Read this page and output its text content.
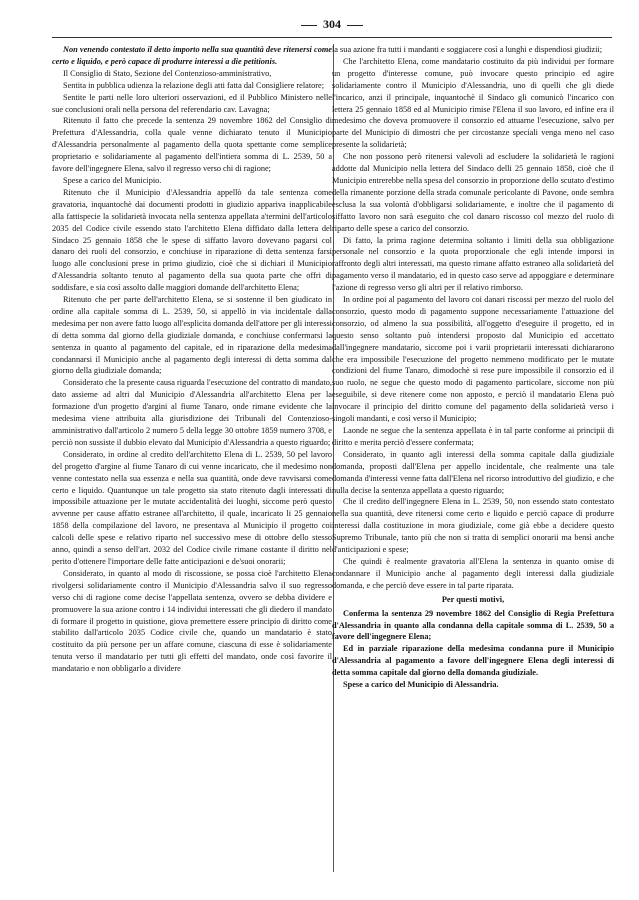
304

Non venendo contestato il detto importo nella sua quantità deve ritenersi come certo e liquido, e però capace di produrre interessi a die petitionis.

Il Consiglio di Stato, Sezione del Contenzioso-amministrativo,

Sentita in pubblica udienza la relazione degli atti fatta dal Consigliere relatore;

Sentite le parti nelle loro ulteriori osservazioni, ed il Pubblico Ministero nelle sue conclusioni orali nella persona del referendario cav. Lavagna;

Ritenuto il fatto che precede la sentenza 29 novembre 1862 del Consiglio di Prefettura d'Alessandria, colla quale venne dichiarato tenuto il Municipio d'Alessandria personalmente al pagamento della quota spettante come semplice proprietario e solidariamente al pagamento dell'intiera somma di L. 2539, 50 a favore dell'ingegnere Elena, salvo il regresso verso chi di ragione;

Spese a carico del Municipio.

Ritenuto che il Municipio d'Alessandria appellò da tale sentenza come gravatoria, inquantochè dai documenti prodotti in giudizio appariva inapplicabile alla fattispecie la solidarietà invocata nella sentenza appellata a'termini dell'articolo 2035 del Codice civile essendo stato l'architetto Elena diffidato dalla lettera del Sindaco 25 gennaio 1858 che le spese di siffatto lavoro dovevano pagarsi col danaro dei ruoli del consorzio, e conchiuse in riparazione di detta sentenza farsi luogo alle conclusioni prese in primo giudizio, cioè che si dichiari il Municipio d'Alessandria soltanto tenuto al pagamento della sua quota parte che offri di soddisfare, e sia così assolto dalle maggiori domande dell'architetto Elena;

Ritenuto che per parte dell'architetto Elena, se si sostenne il ben giudicato in ordine alla capitale somma di L. 2539, 50, si appellò in via incidentale dalla medesima per non avere fatto luogo all'esplicita domanda dell'attore per gli interessi di detta somma dal giorno della giudiziale domanda, e conchiuse confermarsi la sentenza in quanto al pagamento del capitale, ed in riparazione della medesima condannarsi il Municipio anche al pagamento degli interessi di detta somma dal giorno della giudiziale domanda;

Considerato che la presente causa riguarda l'esecuzione del contratto di mandato, dato assieme ad altri dal Municipio d'Alessandria all'architetto Elena per la formazione d'un progetto d'argini al fiume Tanaro, onde rimane evidente che la medesima viene attribuita alla giurisdizione dei Tribunali del Contenzioso-amministrativo dall'articolo 2 numero 5 della legge 30 ottobre 1859 numero 3708, e perciò non sussiste il dubbio elevato dal Municipio d'Alessandria a questo riguardo;

Considerato, in ordine al credito dell'architetto Elena di L. 2539, 50 pel lavoro del progetto d'argine al fiume Tanaro di cui venne incaricato, che il medesimo non venne contestato nella sua essenza e nella sua quantità, onde deve ravvisarsi come certo e liquido. Quantunque un tale progetto sia stato ritenuto dagli interessati di impossibile attuazione per le mutate accidentalità dei luoghi, siccome però questo avvenne per cause affatto estranee all'architetto, il quale, incaricato li 25 gennaio 1858 della compilazione del lavoro, ne presentava al Municipio il progetto coi calcoli delle spese e relativo riparto nel successivo mese di ottobre dello stesso anno, quindi a senso dell'art. 2032 del Codice civile rimane costante il diritto nel perito d'ottenere l'importare delle fatte anticipazioni e de'suoi onorarii;

Considerato, in quanto al modo di riscossione, se possa cioè l'architetto Elena rivolgersi solidariamente contro il Municipio d'Alessandria salvo il suo regresso verso chi di ragione come decise l'appellata sentenza, ovvero se debba dividere e promuovere la sua azione contro i 14 individui interessati che gli diedero il mandato di formare il progetto in quistione, giova premettere essere principio di diritto come stabilito dall'articolo 2035 Codice civile che, quando un mandatario è stato costituito da più persone per un affare comune, ciascuna di esse è solidariamente tenuta verso il mandatario per tutti gli effetti del mandato, onde così favorire il mandatario e non obbligarlo a dividere

la sua azione fra tutti i mandanti e soggiacere così a lunghi e dispendiosi giudizii;

Che l'architetto Elena, come mandatario costituito da più individui per formare un progetto d'interesse comune, può invocare questo principio ed agire solidariamente contro il Municipio d'Alessandria, uno di quelli che gli diede l'incarico, anzi il principale, inquantochè il Sindaco gli comunicò l'incarico con lettera 25 gennaio 1858 ed al Municipio rimise l'Elena il suo lavoro, ed infine era il medesimo che doveva promuovere il consorzio ed attuarne l'esecuzione, salvo per parte del Municipio di dimostri che per circostanze speciali venga meno nel caso presente la solidarietà;

Che non possono però ritenersi valevoli ad escludere la solidarietà le ragioni addotte dal Municipio nella lettera del Sindaco delli 25 gennaio 1858, cioè che il Municipio entrerebbe nella spesa del consorzio in proporzione dello scutato d'estimo della rimanente porzione della strada comunale pericolante di Pavone, onde sembra esclusa la sua volontà d'obbligarsi solidariamente, e inoltre che il pagamento di siffatto lavoro non sarà eseguito che col danaro riscosso col mezzo del ruolo di riparto delle spese a carico del consorzio.

Di fatto, la prima ragione determina soltanto i limiti della sua obbligazione personale nel consorzio e la quota proporzionale che egli intende imporsi in raffronto degli altri interessati, ma questo rimane affatto estraneo alla solidarietà del pagamento verso il mandatario, ed in questo caso serve ad appoggiare e determinare l'azione di regresso verso gli altri per il relativo rimborso.

In ordine poi al pagamento del lavoro coi danari riscossi per mezzo del ruolo del consorzio, questo modo di pagamento suppone necessariamente l'attuazione del consorzio, od almeno la sua possibilità, all'oggetto d'eseguire il progetto, ed in questo senso soltanto può intendersi proposto dal Municipio ed accettato dall'ingegnere mandatario, siccome poi i varii proprietarii interessati dichiararono che era impossibile l'esecuzione del progetto nemmeno modificato per le mutate condizioni del fiume Tanaro, dimodochè si rese pure impossibile il consorzio ed il suo ruolo, ne segue che questo modo di pagamento particolare, siccome non più eseguibile, si deve ritenere come non apposto, e perciò il mandatario Elena può invocare il principio del diritto comune del pagamento della solidarietà verso i singoli mandanti, e così verso il Municipio;

Laonde ne segue che la sentenza appellata è in tal parte conforme ai principii di diritto e merita perciò d'essere confermata;

Considerato, in quanto agli interessi della somma capitale dalla giudiziale domanda, proposti dall'Elena per appello incidentale, che realmente una tale domanda d'interessi venne fatta dall'Elena nel ricorso introduttivo del giudizio, e che nulla decise la sentenza appellata a questo riguardo;

Che il credito dell'ingegnere Elena in L. 2539, 50, non essendo stato contestato nella sua quantità, deve ritenersi come certo e liquido e perciò capace di produrre interessi dalla costituzione in mora giudiziale, come già ebbe a decidere questo Supremo Tribunale, tanto più che non si tratta di semplici onorarii ma bensì anche d'anticipazioni e spese;

Che quindi è realmente gravatoria all'Elena la sentenza in quanto omise di condannare il Municipio anche al pagamento degli interessi dalla giudiziale domanda, e che perciò deve essere in tal parte riparata.

Per questi motivi,

Conferma la sentenza 29 novembre 1862 del Consiglio di Regia Prefettura d'Alessandria in quanto alla condanna della capitale somma di L. 2539, 50 a favore dell'ingegnere Elena;

Ed in parziale riparazione della medesima condanna pure il Municipio d'Alessandria al pagamento a favore dell'ingegnere Elena degli interessi di detta somma capitale dal giorno della domanda giudiziale.

Spese a carico del Municipio di Alessandria.
